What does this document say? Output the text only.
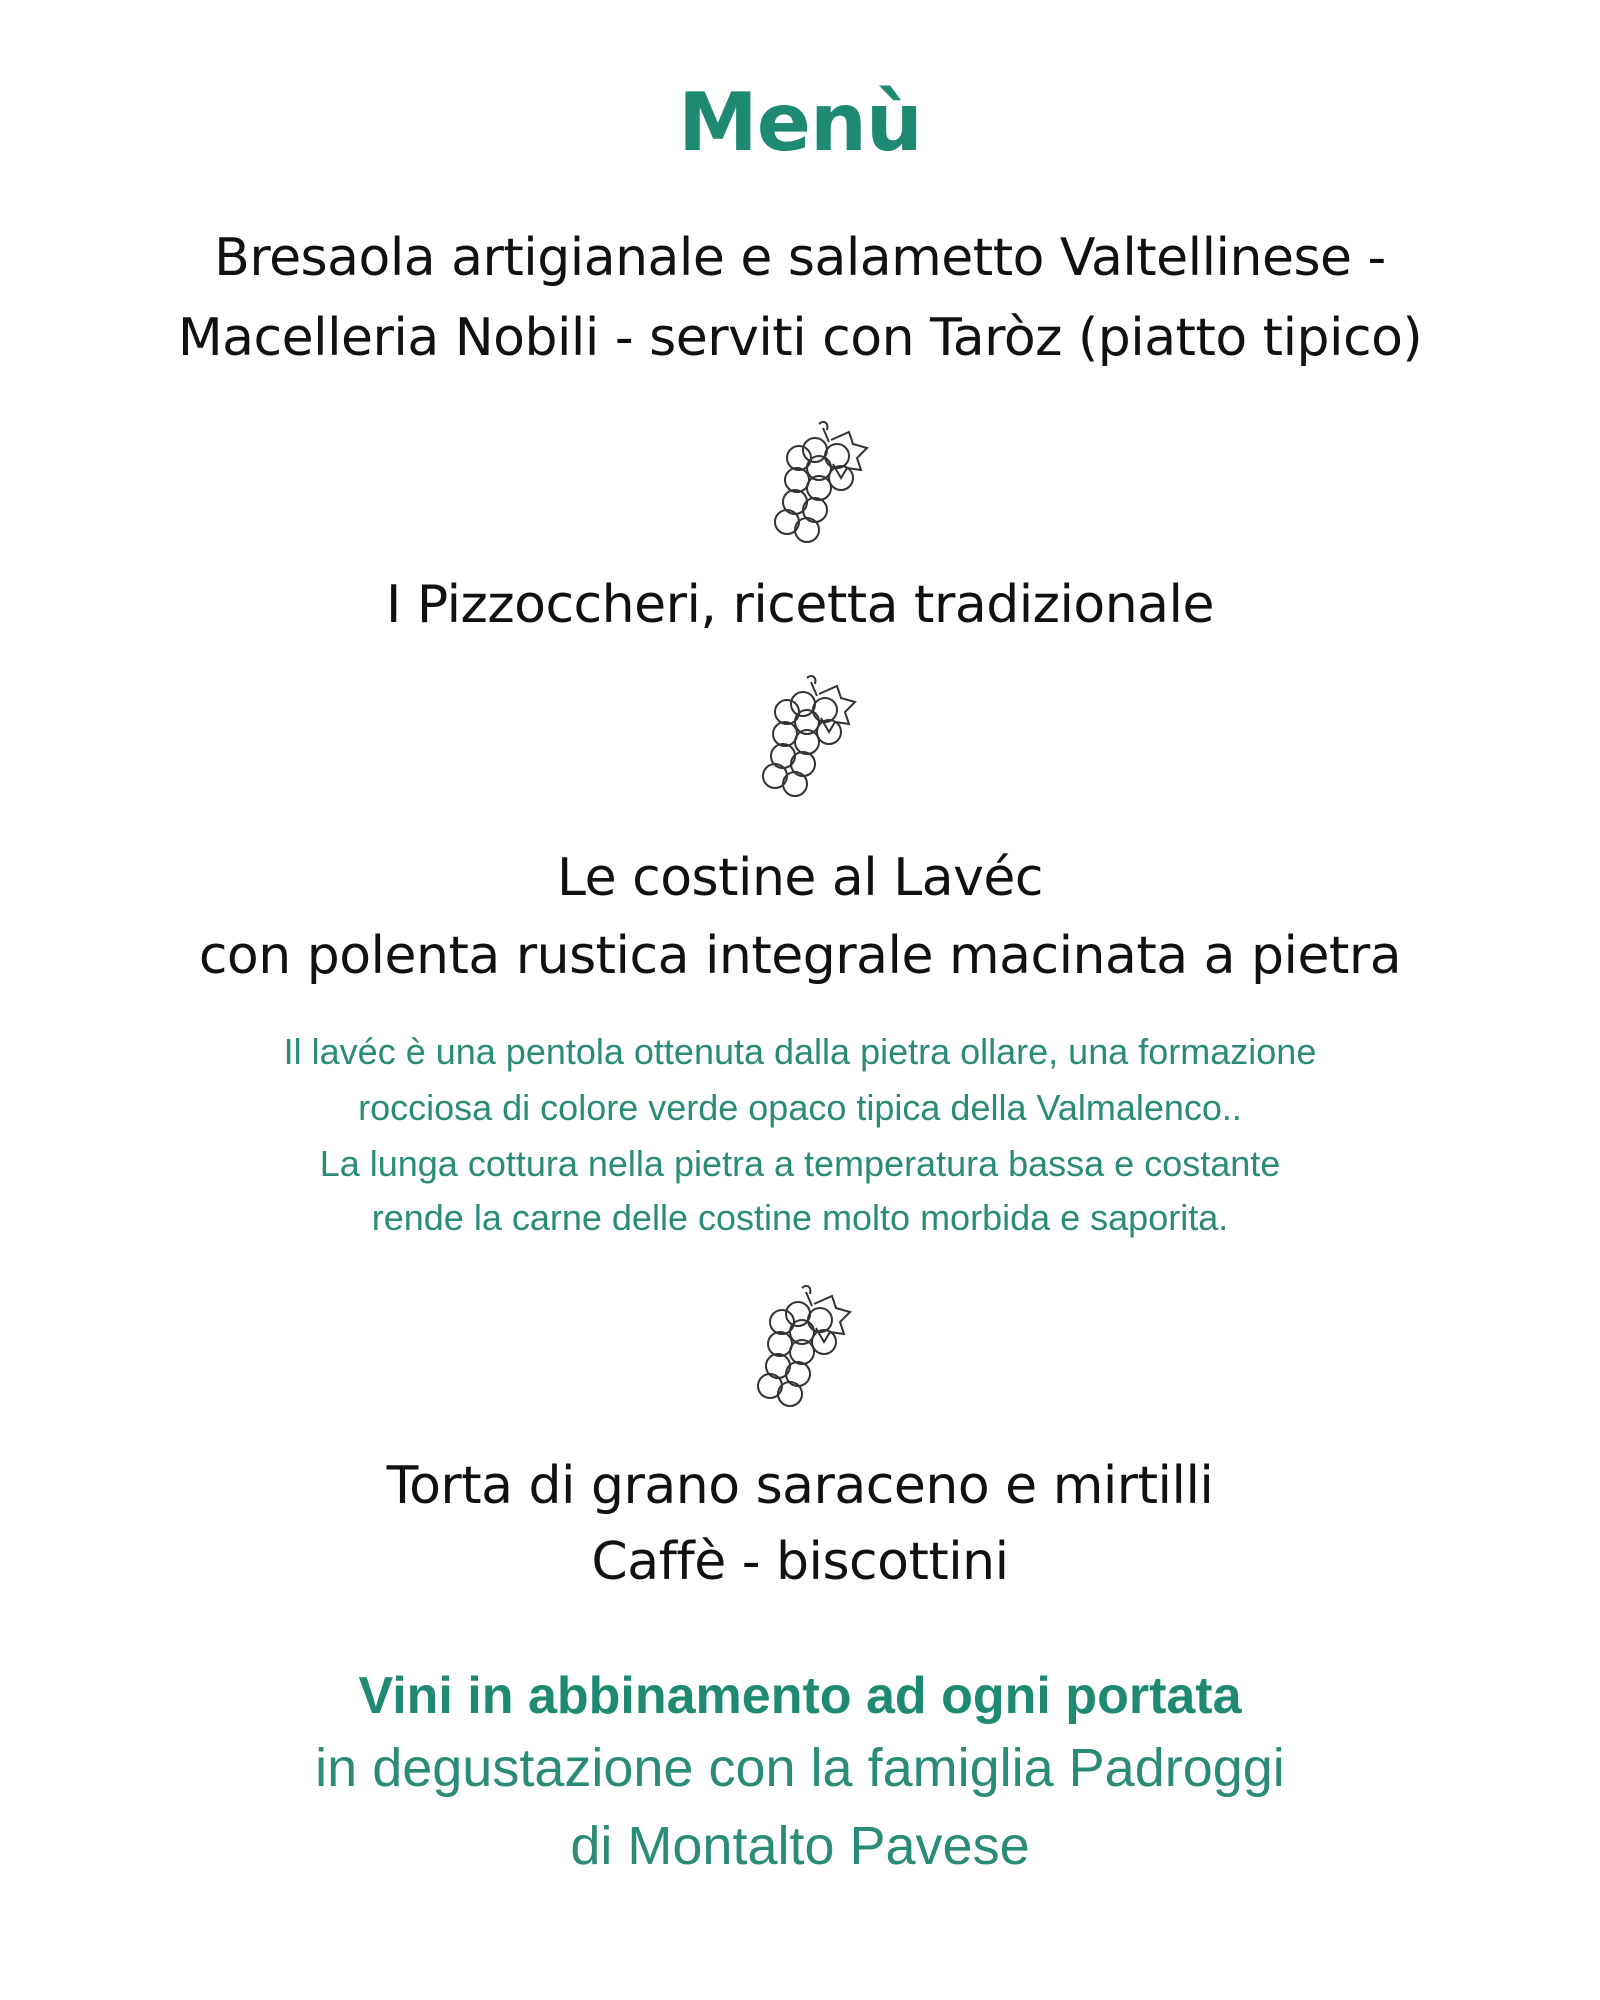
Menù
Bresaola artigianale e salametto Valtellinese -
Macelleria Nobili - serviti con Taròz (piatto tipico)
I Pizzoccheri, ricetta tradizionale
Le costine al Lavéc
con polenta rustica integrale macinata a pietra
Il lavéc è una pentola ottenuta dalla pietra ollare, una formazione
rocciosa di colore verde opaco tipica della Valmalenco..
La lunga cottura nella pietra a temperatura bassa e costante
rende la carne delle costine molto morbida e saporita.
Torta di grano saraceno e mirtilli
Caffè - biscottini
Vini in abbinamento ad ogni portata
in degustazione con la famiglia Padroggi
di Montalto Pavese
